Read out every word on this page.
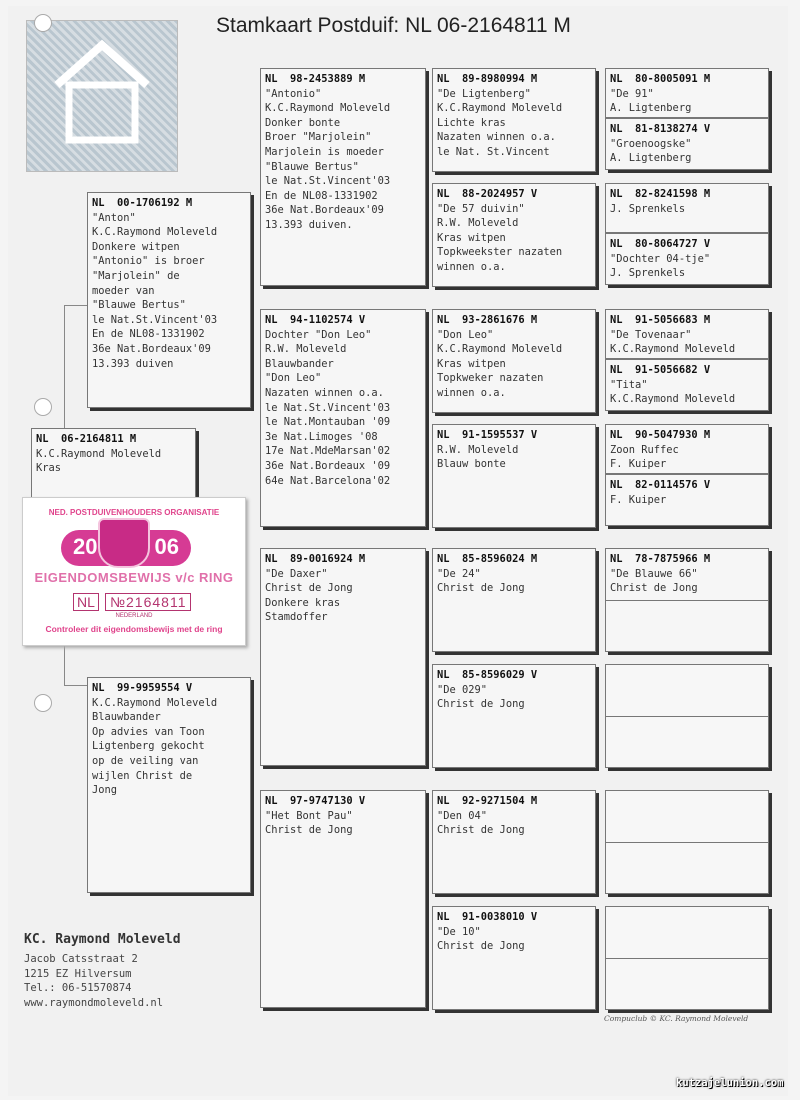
Stamkaart Postduif: NL 06-2164811 M
NL  06-2164811 M
K.C.Raymond Moleveld
Kras
NL  00-1706192 M
"Anton"
K.C.Raymond Moleveld
Donkere witpen
"Antonio" is broer
"Marjolein" de
moeder van
"Blauwe Bertus"
le Nat.St.Vincent'03
En de NL08-1331902
36e Nat.Bordeaux'09
13.393 duiven
NL  99-9959554 V
K.C.Raymond Moleveld
Blauwbander
Op advies van Toon
Ligtenberg gekocht
op de veiling van
wijlen Christ de
Jong
NL  98-2453889 M
"Antonio"
K.C.Raymond Moleveld
Donker bonte
Broer "Marjolein"
Marjolein is moeder
"Blauwe Bertus"
le Nat.St.Vincent'03
En de NL08-1331902
36e Nat.Bordeaux'09
13.393 duiven.
NL  94-1102574 V
Dochter "Don Leo"
R.W. Moleveld
Blauwbander
"Don Leo"
Nazaten winnen o.a.
le Nat.St.Vincent'03
le Nat.Montauban '09
3e Nat.Limoges '08
17e Nat.MdeMarsan'02
36e Nat.Bordeaux '09
64e Nat.Barcelona'02
NL  89-0016924 M
"De Daxer"
Christ de Jong
Donkere kras
Stamdoffer
NL  97-9747130 V
"Het Bont Pau"
Christ de Jong
NL  89-8980994 M
"De Ligtenberg"
K.C.Raymond Moleveld
Lichte kras
Nazaten winnen o.a.
le Nat. St.Vincent
NL  88-2024957 V
"De 57 duivin"
R.W. Moleveld
Kras witpen
Topkweekster nazaten
winnen o.a.
NL  93-2861676 M
"Don Leo"
K.C.Raymond Moleveld
Kras witpen
Topkweker nazaten
winnen o.a.
NL  91-1595537 V
R.W. Moleveld
Blauw bonte
NL  85-8596024 M
"De 24"
Christ de Jong
NL  85-8596029 V
"De 029"
Christ de Jong
NL  92-9271504 M
"Den 04"
Christ de Jong
NL  91-0038010 V
"De 10"
Christ de Jong
NL  80-8005091 M
"De 91"
A. Ligtenberg
NL  81-8138274 V
"Groenoogske"
A. Ligtenberg
NL  82-8241598 M
J. Sprenkels
NL  80-8064727 V
"Dochter 04-tje"
J. Sprenkels
NL  91-5056683 M
"De Tovenaar"
K.C.Raymond Moleveld
NL  91-5056682 V
"Tita"
K.C.Raymond Moleveld
NL  90-5047930 M
Zoon Ruffec
F. Kuiper
NL  82-0114576 V
F. Kuiper
NL  78-7875966 M
"De Blauwe 66"
Christ de Jong
NED. POSTDUIVENHOUDERS ORGANISATIE
20	06
EIGENDOMSBEWIJS v/c RING
NL	№2164811
NEDERLAND
Controleer dit eigendomsbewijs met de ring
KC. Raymond Moleveld
Jacob Catsstraat 2
1215 EZ Hilversum
Tel.: 06-51570874
www.raymondmoleveld.nl
Compuclub © KC. Raymond Moleveld
kutzajelunion.com
